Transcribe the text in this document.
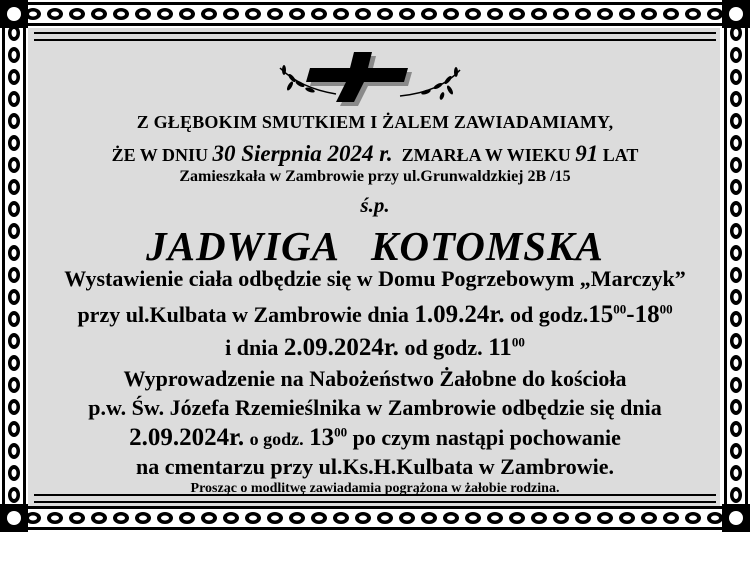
Z GŁĘBOKIM SMUTKIEM I ŻALEM ZAWIADAMIAMY,
ŻE W DNIU 30 Sierpnia 2024 r. ZMARŁA W WIEKU 91 LAT
Zamieszkała w Zambrowie przy ul.Grunwaldzkiej 2B /15
ś.p.
JADWIGA KOTOMSKA
Wystawienie ciała odbędzie się w Domu Pogrzebowym „Marczyk”
przy ul.Kulbata w Zambrowie dnia 1.09.24r. od $godz.15^{00}-18^{00}$
i dnia 2.09.2024r. od godz. $11^{00}$
Wyprowadzenie na Nabożeństwo Żałobne do kościoła
p.w. Św. Józefa Rzemieślnika w Zambrowie odbędzie się dnia
2.09.2024r. o godz. $13^{00}$ po czym nastąpi pochowanie
na cmentarzu przy ul.Ks.H.Kulbata w Zambrowie.
Prosząc o modlitwę zawiadamia pogrążona w żałobie rodzina.
